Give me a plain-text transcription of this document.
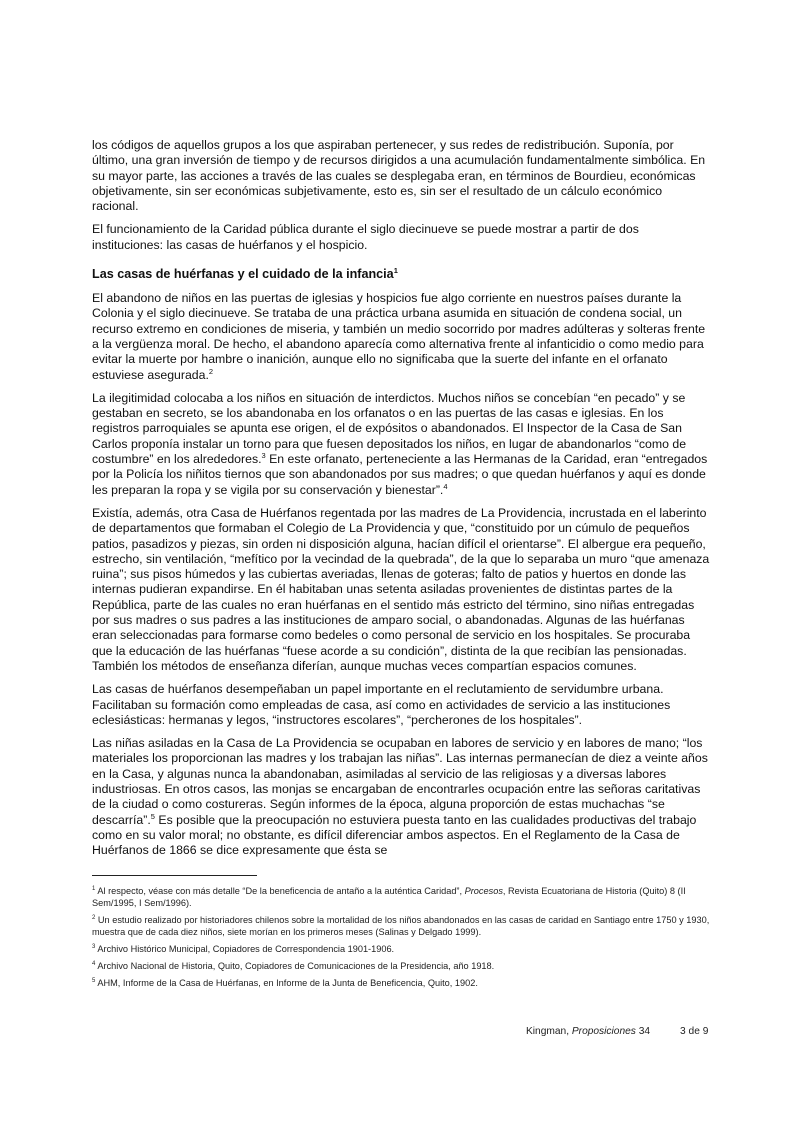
los códigos de aquellos grupos a los que aspiraban pertenecer, y sus redes de redistribución. Suponía, por último, una gran inversión de tiempo y de recursos dirigidos a una acumulación fundamentalmente simbólica. En su mayor parte, las acciones a través de las cuales se desplegaba eran, en términos de Bourdieu, económicas objetivamente, sin ser económicas subjetivamente, esto es, sin ser el resultado de un cálculo económico racional.

El funcionamiento de la Caridad pública durante el siglo diecinueve se puede mostrar a partir de dos instituciones: las casas de huérfanos y el hospicio.

Las casas de huérfanas y el cuidado de la infancia$^1$

El abandono de niños en las puertas de iglesias y hospicios fue algo corriente en nuestros países durante la Colonia y el siglo diecinueve. Se trataba de una práctica urbana asumida en situación de condena social, un recurso extremo en condiciones de miseria, y también un medio socorrido por madres adúlteras y solteras frente a la vergüenza moral. De hecho, el abandono aparecía como alternativa frente al infanticidio o como medio para evitar la muerte por hambre o inanición, aunque ello no significaba que la suerte del infante en el orfanato estuviese asegurada.$^2$

La ilegitimidad colocaba a los niños en situación de interdictos. Muchos niños se concebían “en pecado” y se gestaban en secreto, se los abandonaba en los orfanatos o en las puertas de las casas e iglesias. En los registros parroquiales se apunta ese origen, el de expósitos o abandonados. El Inspector de la Casa de San Carlos proponía instalar un torno para que fuesen depositados los niños, en lugar de abandonarlos “como de costumbre” en los alrededores.$^3$ En este orfanato, perteneciente a las Hermanas de la Caridad, eran “entregados por la Policía los niñitos tiernos que son abandonados por sus madres; o que quedan huérfanos y aquí es donde les preparan la ropa y se vigila por su conservación y bienestar”.$^4$

Existía, además, otra Casa de Huérfanos regentada por las madres de La Providencia, incrustada en el laberinto de departamentos que formaban el Colegio de La Providencia y que, “constituido por un cúmulo de pequeños patios, pasadizos y piezas, sin orden ni disposición alguna, hacían difícil el orientarse”. El albergue era pequeño, estrecho, sin ventilación, “mefítico por la vecindad de la quebrada”, de la que lo separaba un muro “que amenaza ruina”; sus pisos húmedos y las cubiertas averiadas, llenas de goteras; falto de patios y huertos en donde las internas pudieran expandirse. En él habitaban unas setenta asiladas provenientes de distintas partes de la República, parte de las cuales no eran huérfanas en el sentido más estricto del término, sino niñas entregadas por sus madres o sus padres a las instituciones de amparo social, o abandonadas. Algunas de las huérfanas eran seleccionadas para formarse como bedeles o como personal de servicio en los hospitales. Se procuraba que la educación de las huérfanas “fuese acorde a su condición”, distinta de la que recibían las pensionadas. También los métodos de enseñanza diferían, aunque muchas veces compartían espacios comunes.

Las casas de huérfanos desempeñaban un papel importante en el reclutamiento de servidumbre urbana. Facilitaban su formación como empleadas de casa, así como en actividades de servicio a las instituciones eclesiásticas: hermanas y legos, “instructores escolares”, “percherones de los hospitales”.

Las niñas asiladas en la Casa de La Providencia se ocupaban en labores de servicio y en labores de mano; “los materiales los proporcionan las madres y los trabajan las niñas”. Las internas permanecían de diez a veinte años en la Casa, y algunas nunca la abandonaban, asimiladas al servicio de las religiosas y a diversas labores industriosas. En otros casos, las monjas se encargaban de encontrarles ocupación entre las señoras caritativas de la ciudad o como costureras. Según informes de la época, alguna proporción de estas muchachas “se descarría”.$^5$ Es posible que la preocupación no estuviera puesta tanto en las cualidades productivas del trabajo como en su valor moral; no obstante, es difícil diferenciar ambos aspectos. En el Reglamento de la Casa de Huérfanos de 1866 se dice expresamente que ésta se

$^1$ Al respecto, véase con más detalle “De la beneficencia de antaño a la auténtica Caridad”, Procesos, Revista Ecuatoriana de Historia (Quito) 8 (II Sem/1995, I Sem/1996).

$^2$ Un estudio realizado por historiadores chilenos sobre la mortalidad de los niños abandonados en las casas de caridad en Santiago entre 1750 y 1930, muestra que de cada diez niños, siete morían en los primeros meses (Salinas y Delgado 1999).

$^3$ Archivo Histórico Municipal, Copiadores de Correspondencia 1901-1906.

$^4$ Archivo Nacional de Historia, Quito, Copiadores de Comunicaciones de la Presidencia, año 1918.

$^5$ AHM, Informe de la Casa de Huérfanas, en Informe de la Junta de Beneficencia, Quito, 1902.

Kingman, Proposiciones 34	3 de 9
